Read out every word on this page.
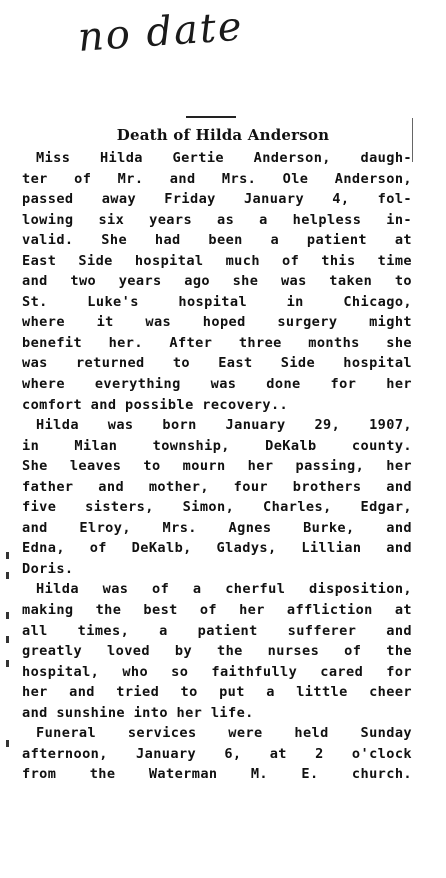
no date
Death of Hilda Anderson
Miss Hilda Gertie Anderson, daugh-
ter of Mr. and Mrs. Ole Anderson,
passed away Friday January 4, fol-
lowing six years as a helpless in-
valid. She had been a patient at
East Side hospital much of this time
and two years ago she was taken to
St. Luke's hospital in Chicago,
where it was hoped surgery might
benefit her. After three months she
was returned to East Side hospital
where everything was done for her
comfort and possible recovery..
Hilda was born January 29, 1907,
in Milan township, DeKalb county.
She leaves to mourn her passing, her
father and mother, four brothers and
five sisters, Simon, Charles, Edgar,
and Elroy, Mrs. Agnes Burke, and
Edna, of DeKalb, Gladys, Lillian and
Doris.
Hilda was of a cherful disposition,
making the best of her affliction at
all times, a patient sufferer and
greatly loved by the nurses of the
hospital, who so faithfully cared for
her and tried to put a little cheer
and sunshine into her life.
Funeral services were held Sunday
afternoon, January 6, at 2 o'clock
from the Waterman M. E. church.
